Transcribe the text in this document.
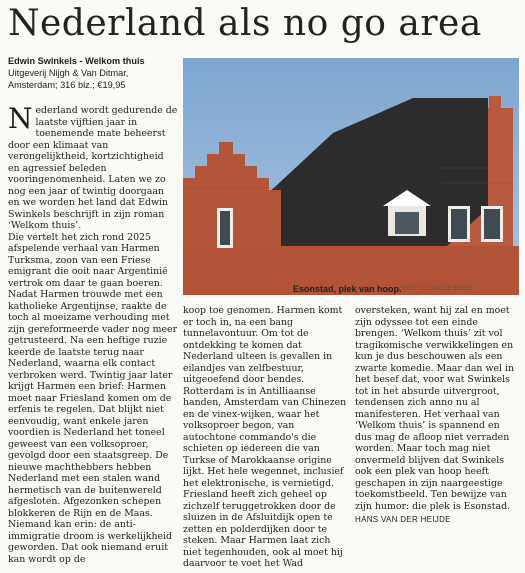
Nederland als no go area
Edwin Swinkels - Welkom thuis
Uitgeverij Nijgh & Van Ditmar, Amsterdam; 316 blz.; €19,95

Nederland wordt gedurende de laatste vijftien jaar in toenemende mate beheerst door een klimaat van verongelijktheid, kortzichtigheid en agressief beleden vooringenomenheid. Laten we zo nog een jaar of twintig doorgaan en we worden het land dat Edwin Swinkels beschrijft in zijn roman ‘Welkom thuis’.

Die vertelt het zich rond 2025 afspelende verhaal van Harmen Turksma, zoon van een Friese emigrant die ooit naar Argentinië vertrok om daar te gaan boeren. Nadat Harmen trouwde met een katholieke Argentijnse, raakte de toch al moeizame verhouding met zijn gereformeerde vader nog meer getrusteerd. Na een heftige ruzie keerde de laatste terug naar Nederland, waarna elk contact verbroken werd. Twintig jaar later krijgt Harmen een brief: Harmen moet naar Friesland komen om de erfenis te regelen. Dat blijkt niet eenvoudig, want enkele jaren voordien is Nederland het toneel geweest van een volksoproer, gevolgd door een staatsgreep. De nieuwe machthebbers hebben Nederland met een stalen wand hermetisch van de buitenwereld afgesloten. Afgezonken schepen blokkeren de Rijn en de Maas. Niemand kan erin: de anti-immigratie droom is werkelijkheid geworden. Dat ook niemand eruit kan wordt op de

Esonstad, plek van hoop.
FOTO LC/JAN DE BOER

koop toe genomen. Harmen komt er toch in, na een bang tunnelavontuur. Om tot de ontdekking te komen dat Nederland ulteen is gevallen in eilandjes van zelfbestuur, uitgeoefend door bendes. Rotterdam is in Antilliaanse handen, Amsterdam van Chinezen en de vinex-wijken, waar het volksoproer begon, van autochtone commando's die schieten op iedereen die van Turkse of Marokkaanse origine lijkt. Het hele wegennet, inclusief het elektronische, is vernietigd. Friesland heeft zich geheel op zichzelf teruggetrokken door de sluizen in de Afsluitdijk open te zetten en polderdijken door te steken. Maar Harmen laat zich niet tegenhouden, ook al moet hij daarvoor te voet het Wad

oversteken, want hij zal en moet zijn odyssee tot een einde brengen. ‘Welkom thuis’ zit vol tragikomische verwikkelingen en kun je dus beschouwen als een zwarte komedie. Maar dan wel in het besef dat, voor wat Swinkels tot in het absurde uitvergroot, tendensen zich anno nu al manifesteren. Het verhaal van ‘Welkom thuis’ is spannend en dus mag de afloop niet verraden worden. Maar toch mag niet onvermeld blijven dat Swinkels ook een plek van hoop heeft geschapen in zijn naargeestige toekomstbeeld. Ten bewijze van zijn humor: die plek is Esonstad.

HANS VAN DER HEIJDE
